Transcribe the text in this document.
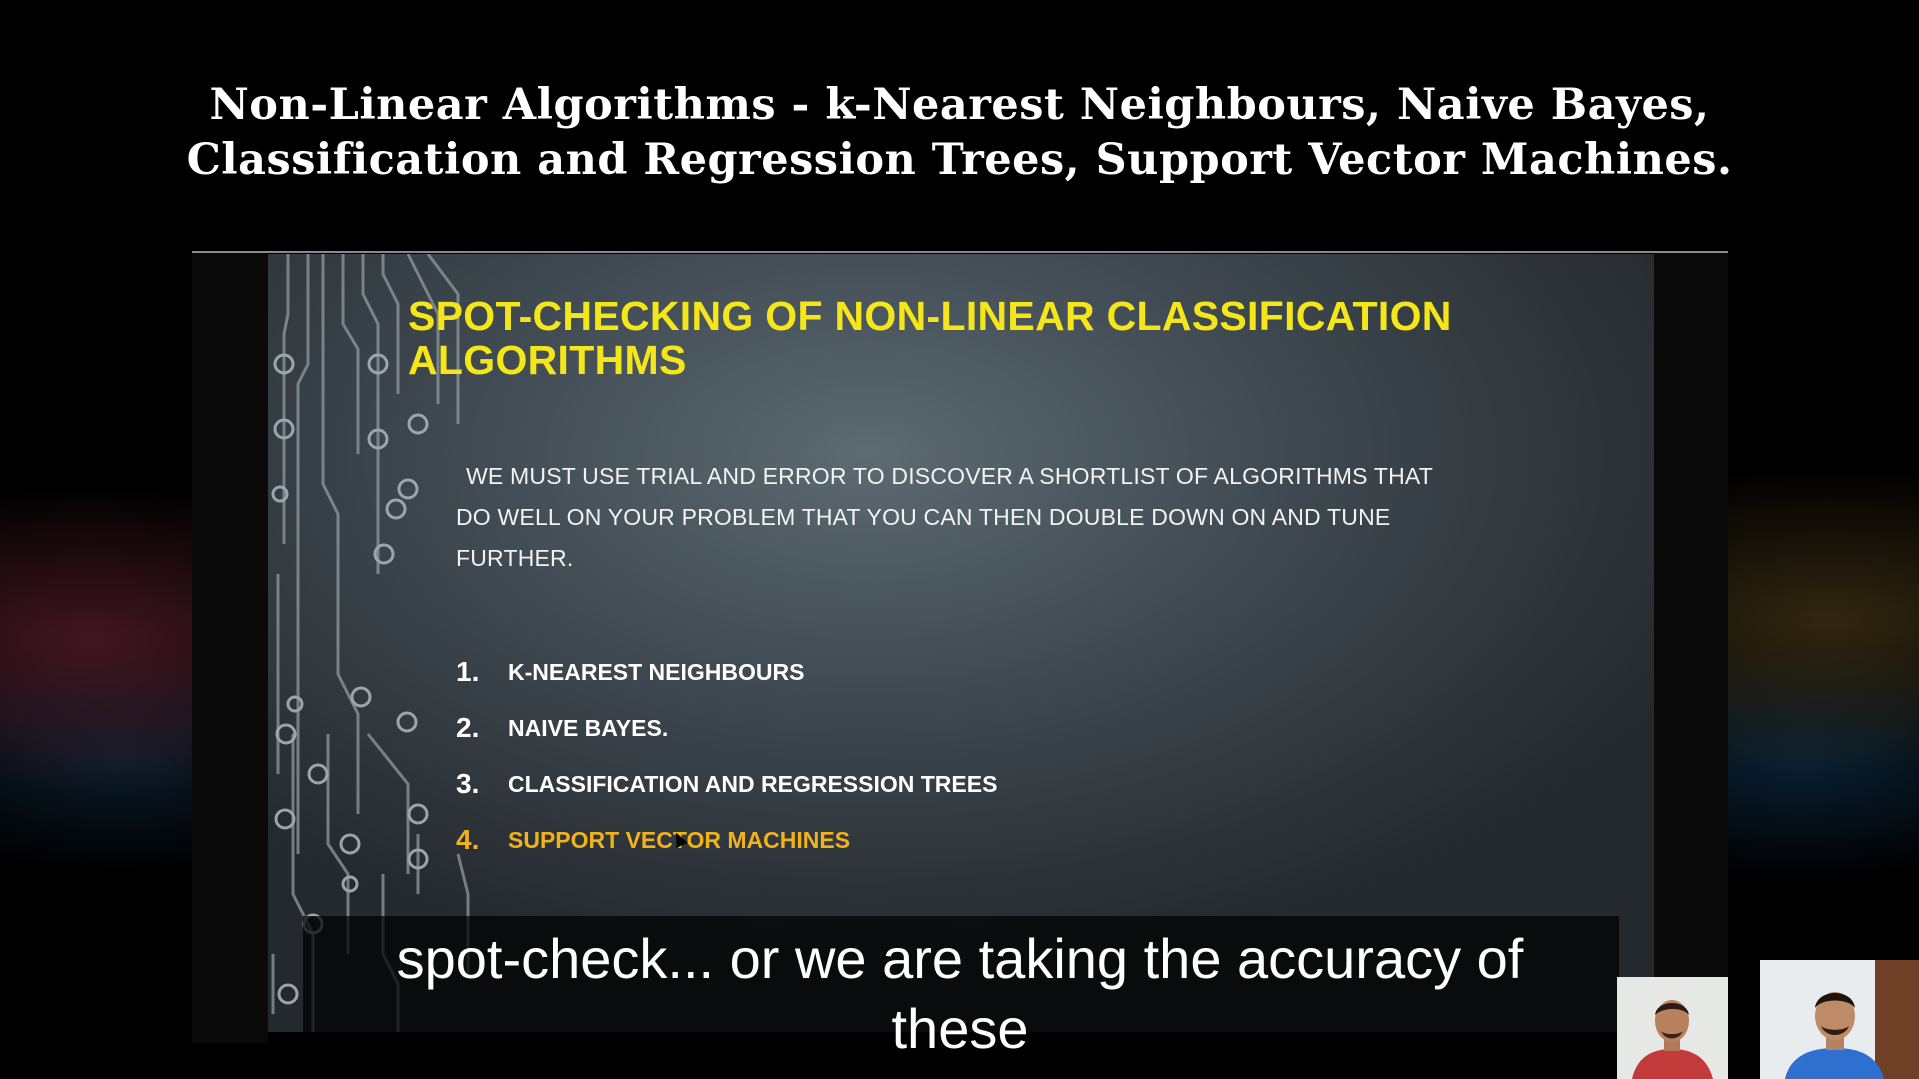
Non-Linear Algorithms - k-Nearest Neighbours, Naive Bayes,
Classification and Regression Trees, Support Vector Machines.
SPOT-CHECKING OF NON-LINEAR CLASSIFICATION
ALGORITHMS
WE MUST USE TRIAL AND ERROR TO DISCOVER A SHORTLIST OF ALGORITHMS THAT
DO WELL ON YOUR PROBLEM THAT YOU CAN THEN DOUBLE DOWN ON AND TUNE
FURTHER.
1.	K-NEAREST NEIGHBOURS
2.	NAIVE BAYES.
3.	CLASSIFICATION AND REGRESSION TREES
4.	SUPPORT VECTOR MACHINES
spot-check... or we are taking the accuracy of
these
